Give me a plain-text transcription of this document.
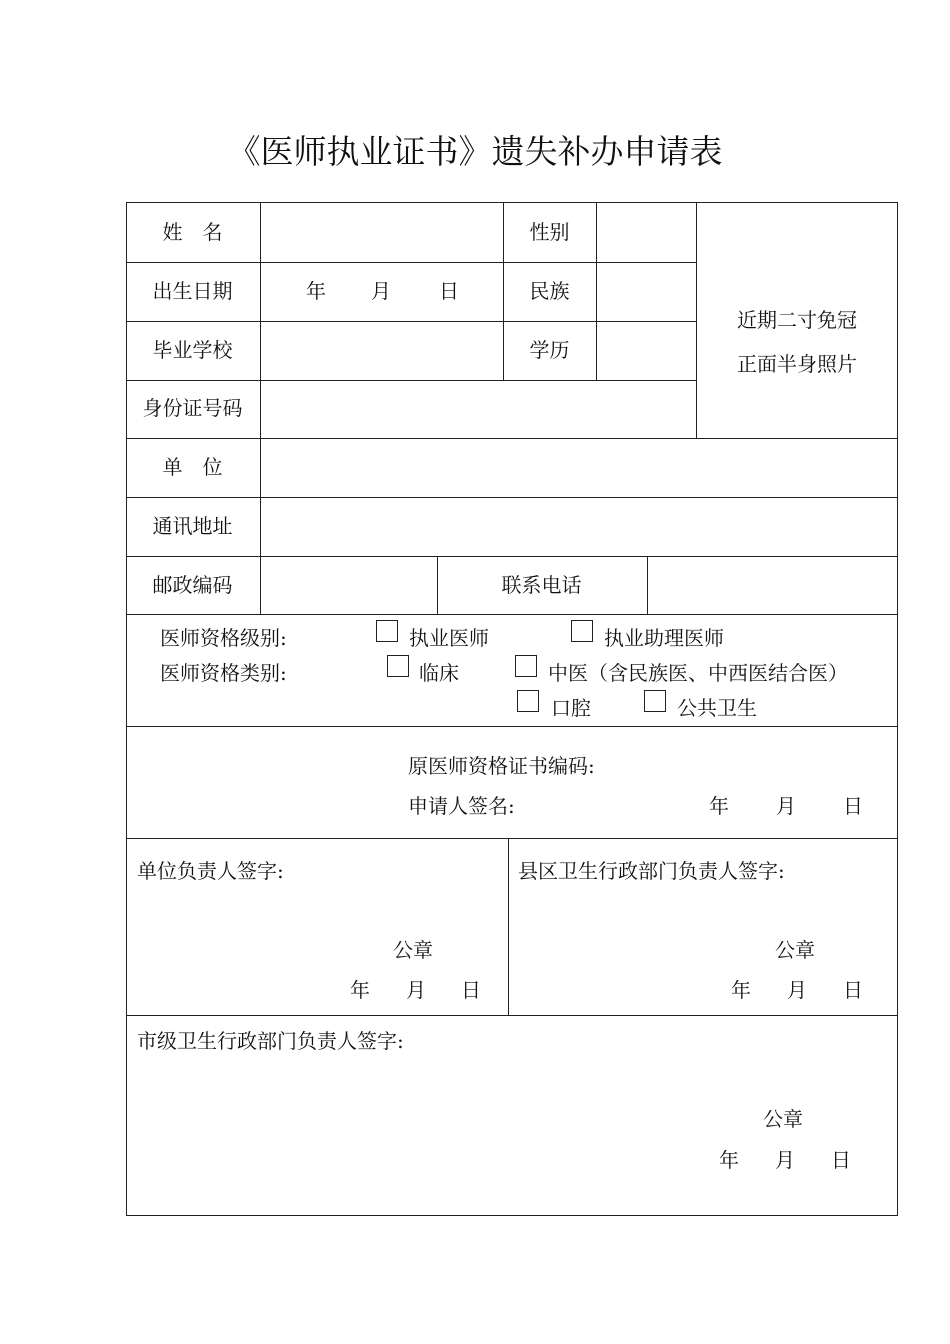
《医师执业证书》遗失补办申请表
姓　名	性别
近期二寸免冠
正面半身照片
出生日期	年 月 日	民族
毕业学校	学历
身份证号码
单　位
通讯地址
邮政编码	联系电话
医师资格级别:	执业医师	执业助理医师
医师资格类别:	临床	中医（含民族医、中西医结合医）
口腔	公共卫生
原医师资格证书编码:
申请人签名:	年 月 日
单位负责人签字:
公章
年 月 日
县区卫生行政部门负责人签字:
公章
年 月 日
市级卫生行政部门负责人签字:
公章
年 月 日
